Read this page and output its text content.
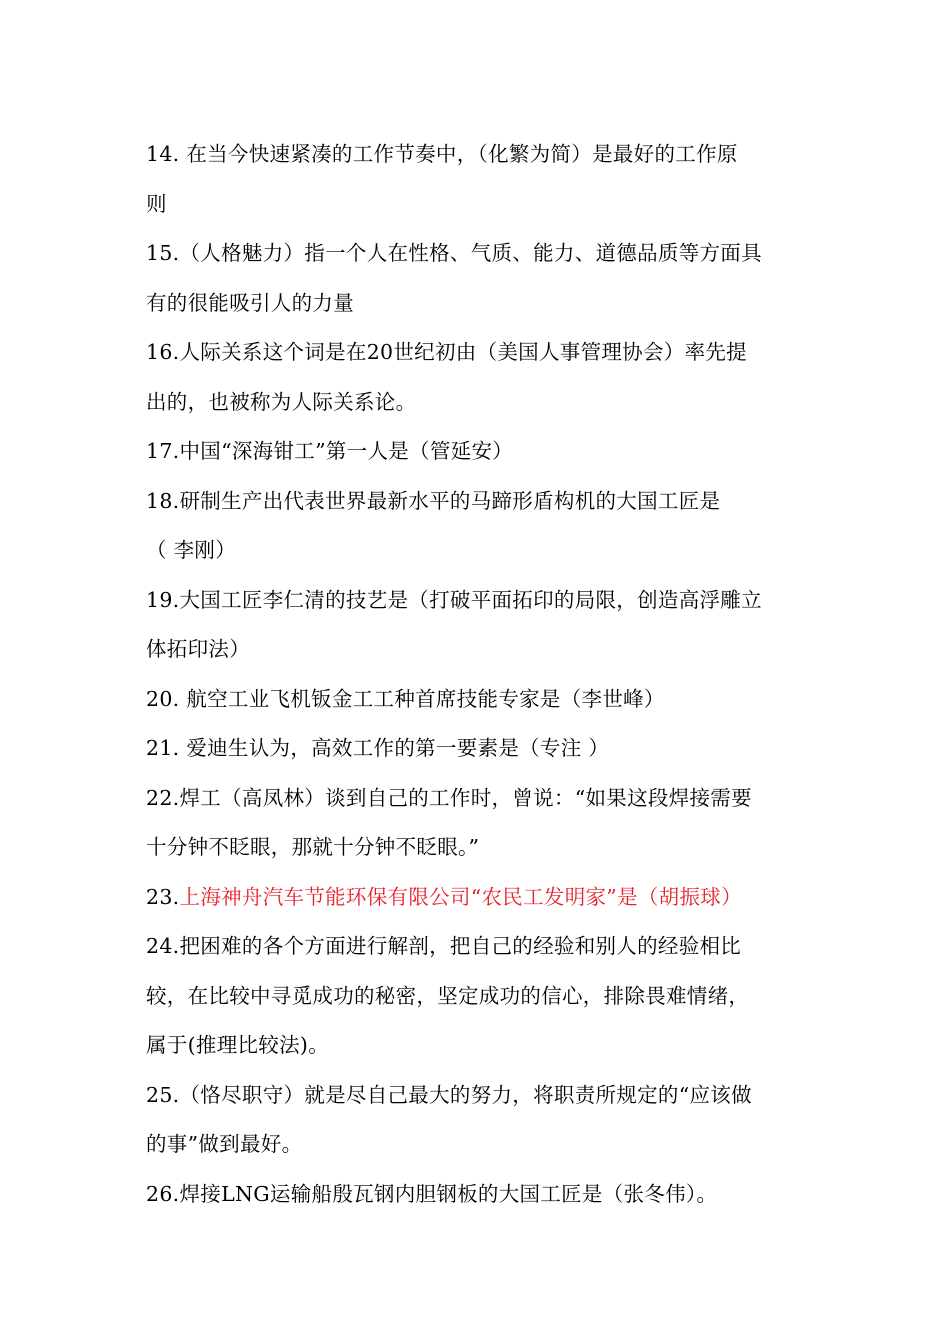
14. 在当今快速紧凑的工作节奏中，（化繁为简）是最好的工作原
则
15.（人格魅力）指一个人在性格、气质、能力、道德品质等方面具
有的很能吸引人的力量
16.人际关系这个词是在20世纪初由（美国人事管理协会）率先提
出的，也被称为人际关系论。
17.中国“深海钳工”第一人是（管延安）
18.研制生产出代表世界最新水平的马蹄形盾构机的大国工匠是
（ 李刚）
19.大国工匠李仁清的技艺是（打破平面拓印的局限，创造高浮雕立
体拓印法）
20. 航空工业飞机钣金工工种首席技能专家是（李世峰）
21. 爱迪生认为，高效工作的第一要素是（专注 ）
22.焊工（高凤林）谈到自己的工作时，曾说：“如果这段焊接需要
十分钟不眨眼，那就十分钟不眨眼。”
23.上海神舟汽车节能环保有限公司“农民工发明家”是（胡振球）
24.把困难的各个方面进行解剖，把自己的经验和别人的经验相比
较，在比较中寻觅成功的秘密，坚定成功的信心，排除畏难情绪，
属于(推理比较法)。
25.（恪尽职守）就是尽自己最大的努力，将职责所规定的“应该做
的事”做到最好。
26.焊接LNG运输船殷瓦钢内胆钢板的大国工匠是（张冬伟）。
